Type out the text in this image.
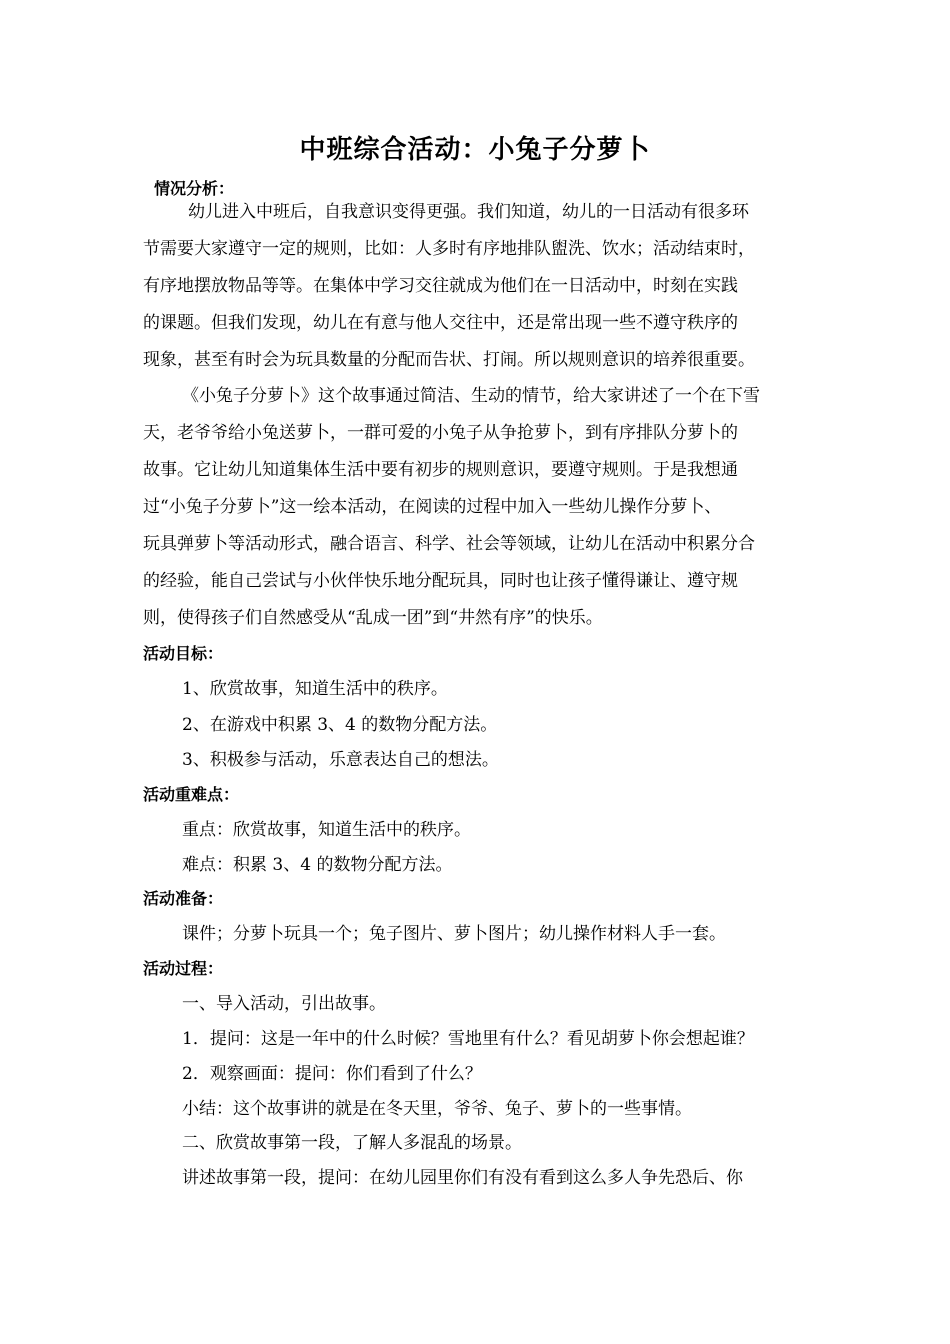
中班综合活动：小兔子分萝卜
情况分析：
幼儿进入中班后，自我意识变得更强。我们知道，幼儿的一日活动有很多环
节需要大家遵守一定的规则，比如：人多时有序地排队盥洗、饮水；活动结束时，
有序地摆放物品等等。在集体中学习交往就成为他们在一日活动中，时刻在实践
的课题。但我们发现，幼儿在有意与他人交往中，还是常出现一些不遵守秩序的
现象，甚至有时会为玩具数量的分配而告状、打闹。所以规则意识的培养很重要。
《小兔子分萝卜》这个故事通过简洁、生动的情节，给大家讲述了一个在下雪
天，老爷爷给小兔送萝卜，一群可爱的小兔子从争抢萝卜，到有序排队分萝卜的
故事。它让幼儿知道集体生活中要有初步的规则意识，要遵守规则。于是我想通
过“小兔子分萝卜”这一绘本活动，在阅读的过程中加入一些幼儿操作分萝卜、
玩具弹萝卜等活动形式，融合语言、科学、社会等领域，让幼儿在活动中积累分合
的经验，能自己尝试与小伙伴快乐地分配玩具，同时也让孩子懂得谦让、遵守规
则，使得孩子们自然感受从“乱成一团”到“井然有序”的快乐。
活动目标：
1、欣赏故事，知道生活中的秩序。
2、在游戏中积累 3、4 的数物分配方法。
3、积极参与活动，乐意表达自己的想法。
活动重难点：
重点：欣赏故事，知道生活中的秩序。
难点：积累 3、4 的数物分配方法。
活动准备：
课件；分萝卜玩具一个；兔子图片、萝卜图片；幼儿操作材料人手一套。
活动过程：
一、导入活动，引出故事。
1．提问：这是一年中的什么时候？雪地里有什么？看见胡萝卜你会想起谁？
2．观察画面：提问：你们看到了什么？
小结：这个故事讲的就是在冬天里，爷爷、兔子、萝卜的一些事情。
二、欣赏故事第一段，了解人多混乱的场景。
讲述故事第一段，提问：在幼儿园里你们有没有看到这么多人争先恐后、你
